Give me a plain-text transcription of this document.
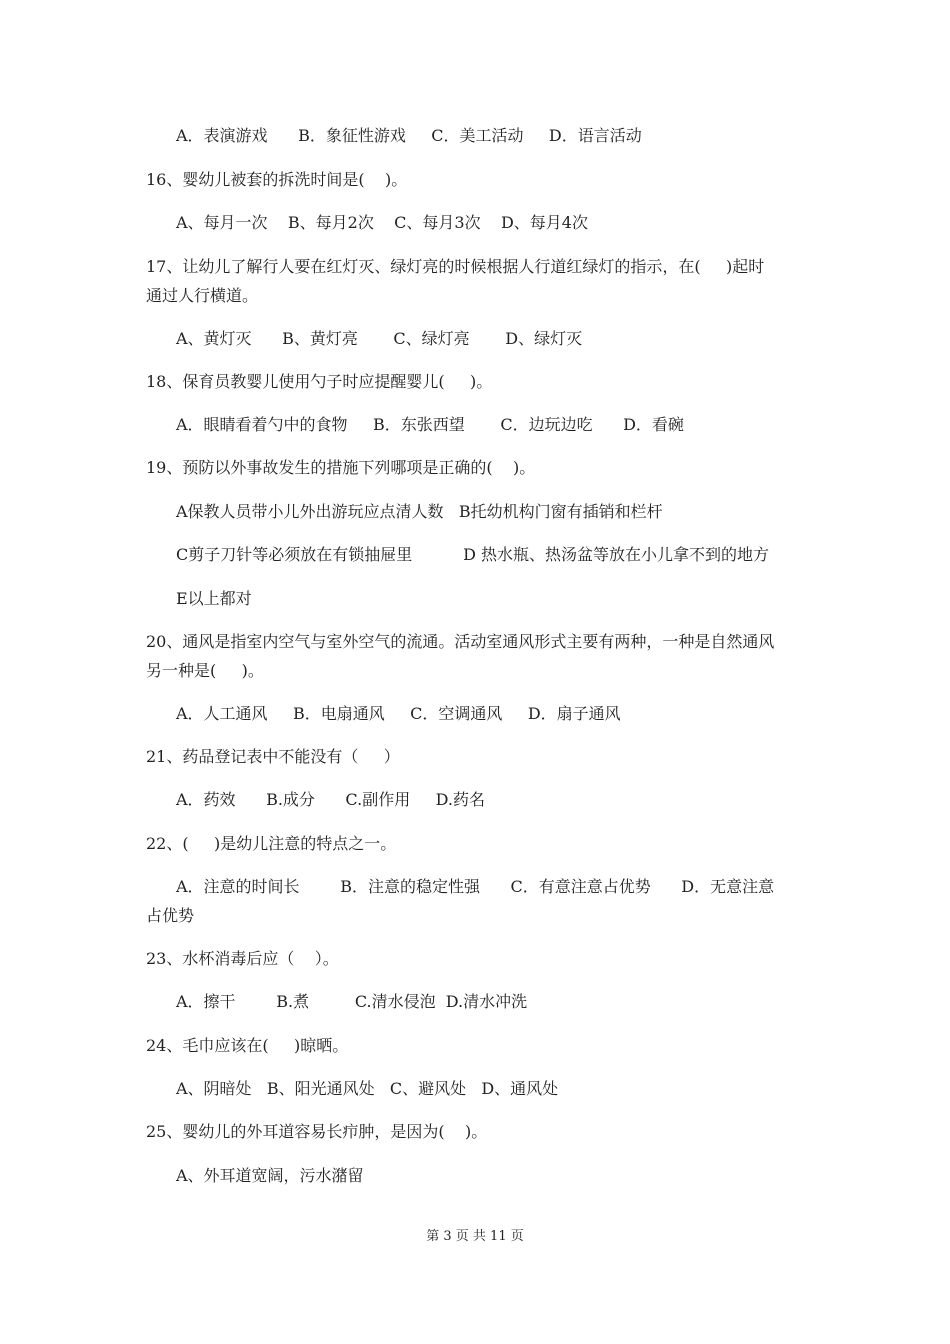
A．表演游戏      B．象征性游戏     C．美工活动     D．语言活动
16、婴幼儿被套的拆洗时间是(    )。
A、每月一次    B、每月2次    C、每月3次    D、每月4次
17、让幼儿了解行人要在红灯灭、绿灯亮的时候根据人行道红绿灯的指示，在(     )起时
通过人行横道。
A、黄灯灭      B、黄灯亮       C、绿灯亮       D、绿灯灭
18、保育员教婴儿使用勺子时应提醒婴儿(     )。
A．眼睛看着勺中的食物     B．东张西望       C．边玩边吃      D．看碗
19、预防以外事故发生的措施下列哪项是正确的(    )。
A保教人员带小儿外出游玩应点清人数   B托幼机构门窗有插销和栏杆
C剪子刀针等必须放在有锁抽屉里          D 热水瓶、热汤盆等放在小儿拿不到的地方
E以上都对
20、通风是指室内空气与室外空气的流通。活动室通风形式主要有两种，一种是自然通风
另一种是(     )。
A．人工通风     B．电扇通风     C．空调通风     D．扇子通风
21、药品登记表中不能没有（     ）
A．药效      B.成分      C.副作用     D.药名
22、(     )是幼儿注意的特点之一。
A．注意的时间长        B．注意的稳定性强      C．有意注意占优势      D．无意注意
占优势
23、水杯消毒后应（    ）。
A．擦干        B.煮         C.清水侵泡  D.清水冲洗
24、毛巾应该在(     )晾晒。
A、阴暗处   B、阳光通风处   C、避风处   D、通风处
25、婴幼儿的外耳道容易长疖肿，是因为(    )。
A、外耳道宽阔，污水潴留
第 3 页 共 11 页
